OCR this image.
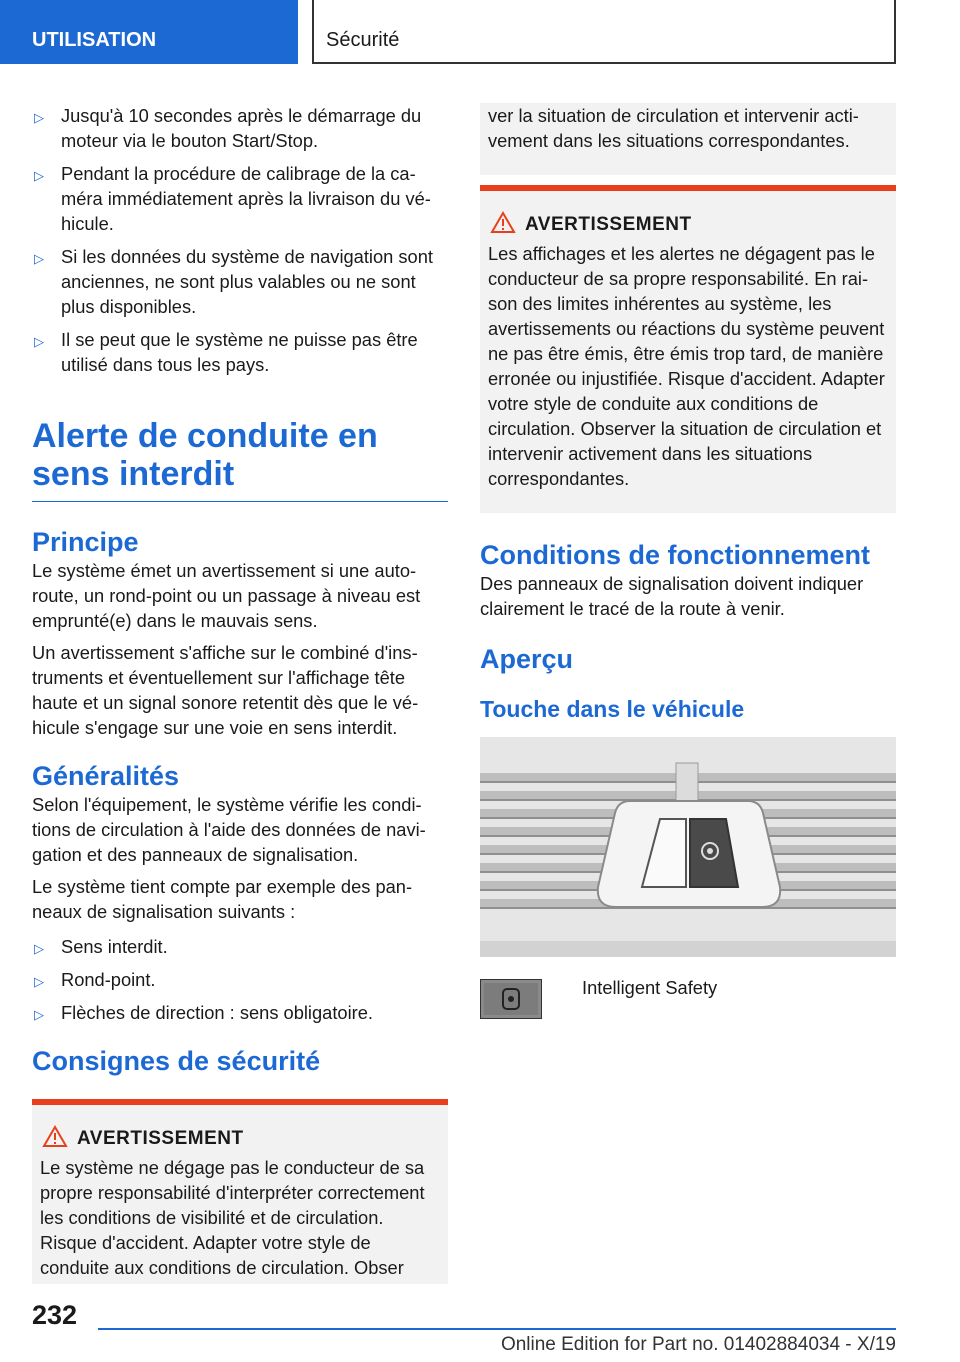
UTILISATION	Sécurité
▷ Jusqu'à 10 secondes après le démarrage du moteur via le bouton Start/Stop.
▷ Pendant la procédure de calibrage de la caméra immédiatement après la livraison du véhicule.
▷ Si les données du système de navigation sont anciennes, ne sont plus valables ou ne sont plus disponibles.
▷ Il se peut que le système ne puisse pas être utilisé dans tous les pays.
Alerte de conduite en sens interdit
Principe

Le système émet un avertissement si une autoroute, un rond-point ou un passage à niveau est emprunté(e) dans le mauvais sens.

Un avertissement s'affiche sur le combiné d'instruments et éventuellement sur l'affichage tête haute et un signal sonore retentit dès que le véhicule s'engage sur une voie en sens interdit.

Généralités

Selon l'équipement, le système vérifie les conditions de circulation à l'aide des données de navigation et des panneaux de signalisation.

Le système tient compte par exemple des panneaux de signalisation suivants :

▷ Sens interdit.
▷ Rond-point.
▷ Flèches de direction : sens obligatoire.
Consignes de sécurité
AVERTISSEMENT

Le système ne dégage pas le conducteur de sa propre responsabilité d'interpréter correctement les conditions de visibilité et de circulation. Risque d'accident. Adapter votre style de conduite aux conditions de circulation. Obser

ver la situation de circulation et intervenir activement dans les situations correspondantes.

AVERTISSEMENT

Les affichages et les alertes ne dégagent pas le conducteur de sa propre responsabilité. En raison des limites inhérentes au système, les avertissements ou réactions du système peuvent ne pas être émis, être émis trop tard, de manière erronée ou injustifiée. Risque d'accident. Adapter votre style de conduite aux conditions de circulation. Observer la situation de circulation et intervenir activement dans les situations correspondantes.

Conditions de fonctionnement

Des panneaux de signalisation doivent indiquer clairement le tracé de la route à venir.

Aperçu
Touche dans le véhicule
Intelligent Safety
232
Online Edition for Part no. 01402884034 - X/19
